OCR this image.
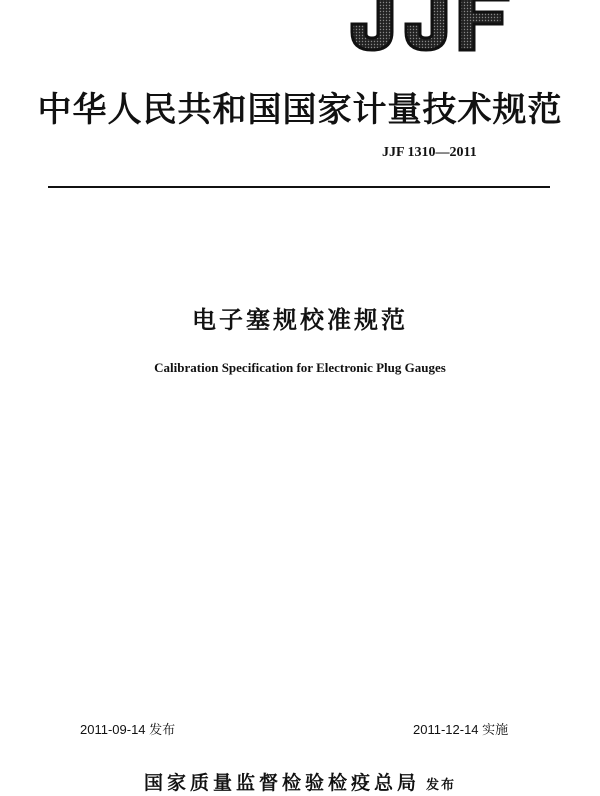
中华人民共和国国家计量技术规范
JJF 1310—2011
电子塞规校准规范
Calibration Specification for Electronic Plug Gauges
2011-09-14 发布	2011-12-14 实施
国家质量监督检验检疫总局 发布
